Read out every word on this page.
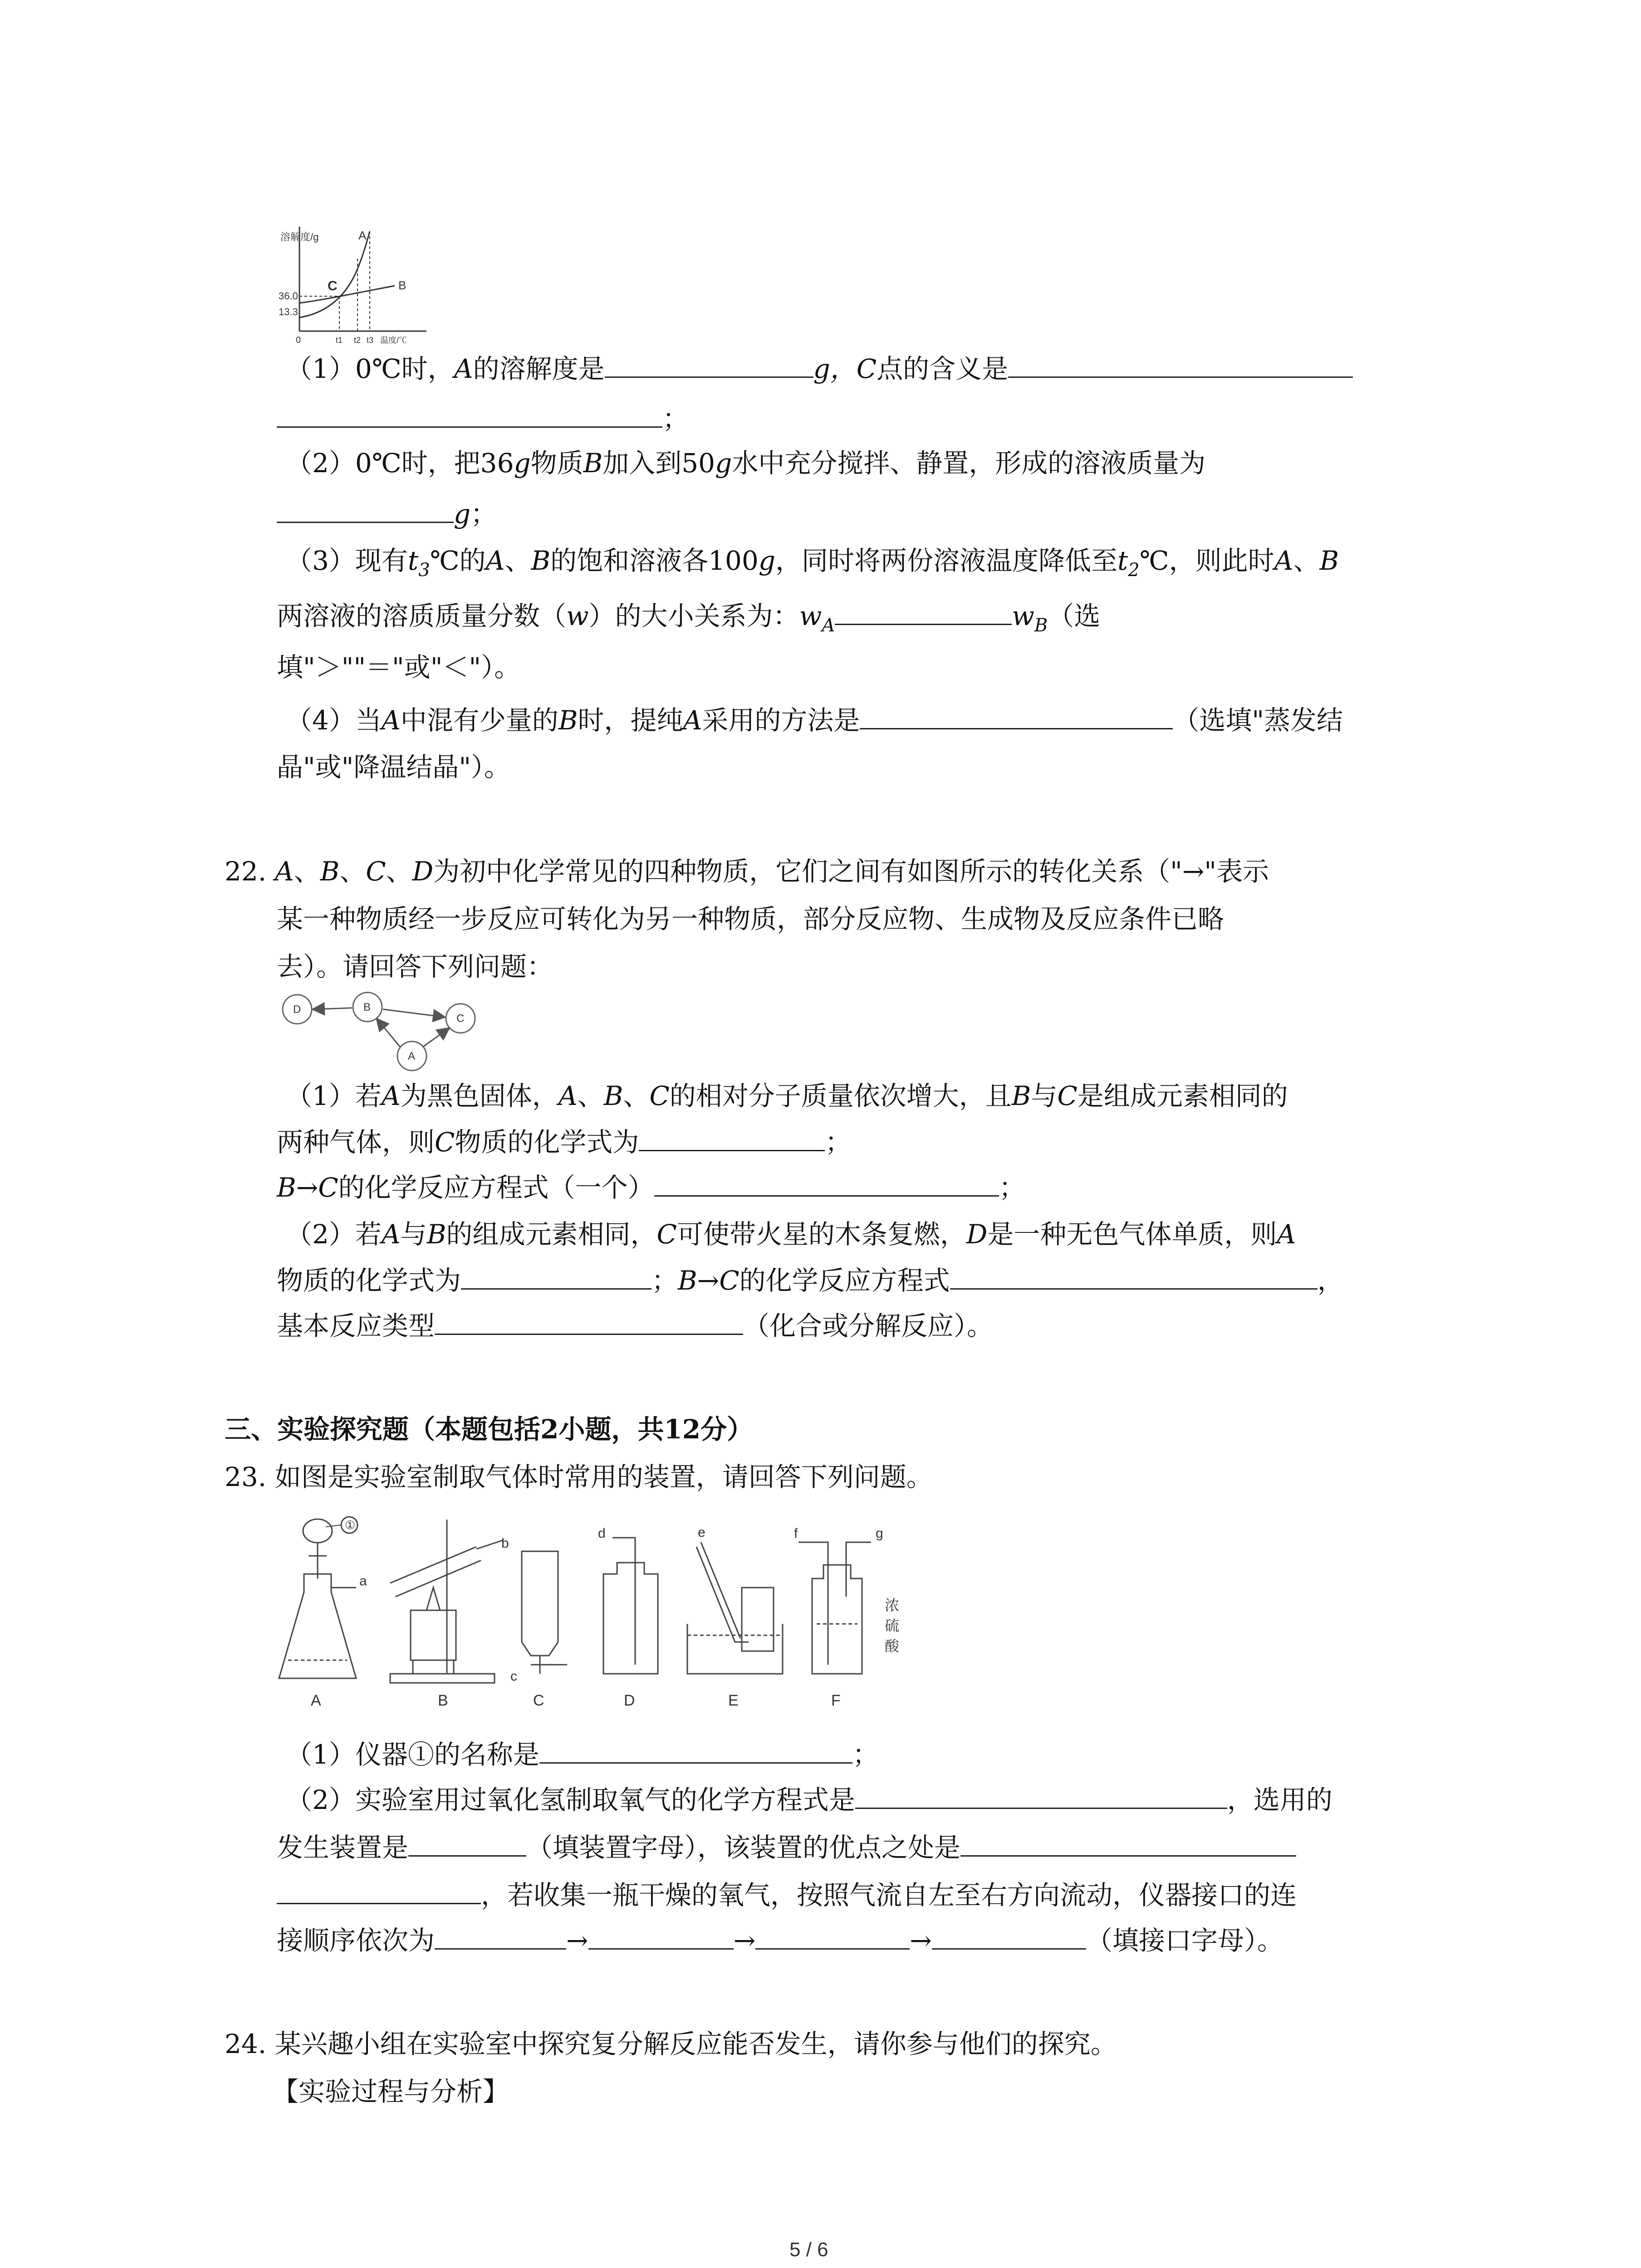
溶解度/g
36.0
13.3
A
B
C
0	t1 t2 t3 温度/℃
（1）0℃时，A的溶解度是	g，C点的含义是
；
（2）0℃时，把36g物质B加入到50g水中充分搅拌、静置，形成的溶液质量为
g；
（3）现有$t_3℃$的A、B的饱和溶液各100g，同时将两份溶液温度降低至$t_2℃$，则此时A、B
两溶液的溶质质量分数（w）的大小关系为：$w_A$	$w_B$（选
填"＞""＝"或"＜"）。
（4）当A中混有少量的B时，提纯A采用的方法是	（选填"蒸发结
晶"或"降温结晶"）。
22. A、B、C、D为初中化学常见的四种物质，它们之间有如图所示的转化关系（"→"表示
某一种物质经一步反应可转化为另一种物质，部分反应物、生成物及反应条件已略
去）。请回答下列问题：
D	B
C
A
（1）若A为黑色固体，A、B、C的相对分子质量依次增大，且B与C是组成元素相同的
两种气体，则C物质的化学式为	；
B→C的化学反应方程式（一个）	；
（2）若A与B的组成元素相同，C可使带火星的木条复燃，D是一种无色气体单质，则A
物质的化学式为	；B→C的化学反应方程式	，
基本反应类型	（化合或分解反应）。
三、实验探究题（本题包括2小题，共12分）
23. 如图是实验室制取气体时常用的装置，请回答下列问题。
①
a
A
b
B
c
C
d
D
e
E
f	g
浓
硫
酸
F
（1）仪器①的名称是	；
（2）实验室用过氧化氢制取氧气的化学方程式是	，选用的
发生装置是	（填装置字母），该装置的优点之处是
，若收集一瓶干燥的氧气，按照气流自左至右方向流动，仪器接口的连
接顺序依次为	→	→	→	（填接口字母）。
24. 某兴趣小组在实验室中探究复分解反应能否发生，请你参与他们的探究。
【实验过程与分析】
5 / 6
